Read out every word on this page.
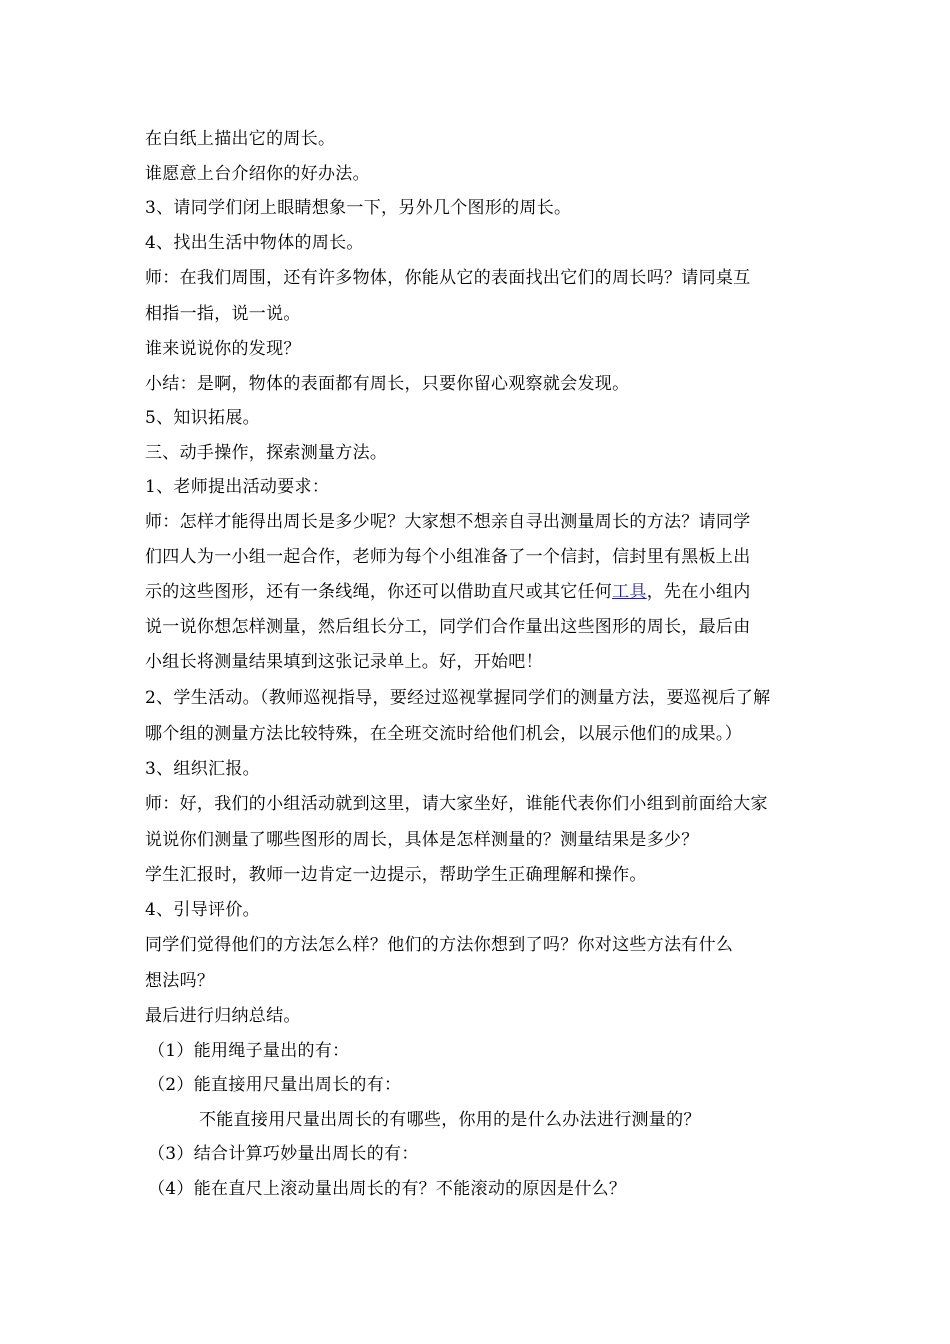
在白纸上描出它的周长。
谁愿意上台介绍你的好办法。
3、请同学们闭上眼睛想象一下，另外几个图形的周长。
4、找出生活中物体的周长。
师：在我们周围，还有许多物体，你能从它的表面找出它们的周长吗？请同桌互
相指一指，说一说。
谁来说说你的发现？
小结：是啊，物体的表面都有周长，只要你留心观察就会发现。
5、知识拓展。
三、动手操作，探索测量方法。
1、老师提出活动要求：
师：怎样才能得出周长是多少呢？大家想不想亲自寻出测量周长的方法？请同学
们四人为一小组一起合作，老师为每个小组准备了一个信封，信封里有黑板上出
示的这些图形，还有一条线绳，你还可以借助直尺或其它任何工具，先在小组内
说一说你想怎样测量，然后组长分工，同学们合作量出这些图形的周长，最后由
小组长将测量结果填到这张记录单上。好，开始吧！
2、学生活动。（教师巡视指导，要经过巡视掌握同学们的测量方法，要巡视后了解
哪个组的测量方法比较特殊，在全班交流时给他们机会，以展示他们的成果。）
3、组织汇报。
师：好，我们的小组活动就到这里，请大家坐好，谁能代表你们小组到前面给大家
说说你们测量了哪些图形的周长，具体是怎样测量的？测量结果是多少？
学生汇报时，教师一边肯定一边提示，帮助学生正确理解和操作。
4、引导评价。
同学们觉得他们的方法怎么样？他们的方法你想到了吗？你对这些方法有什么
想法吗？
最后进行归纳总结。
（1）能用绳子量出的有：
（2）能直接用尺量出周长的有：
不能直接用尺量出周长的有哪些，你用的是什么办法进行测量的？
（3）结合计算巧妙量出周长的有：
（4）能在直尺上滚动量出周长的有？不能滚动的原因是什么？
